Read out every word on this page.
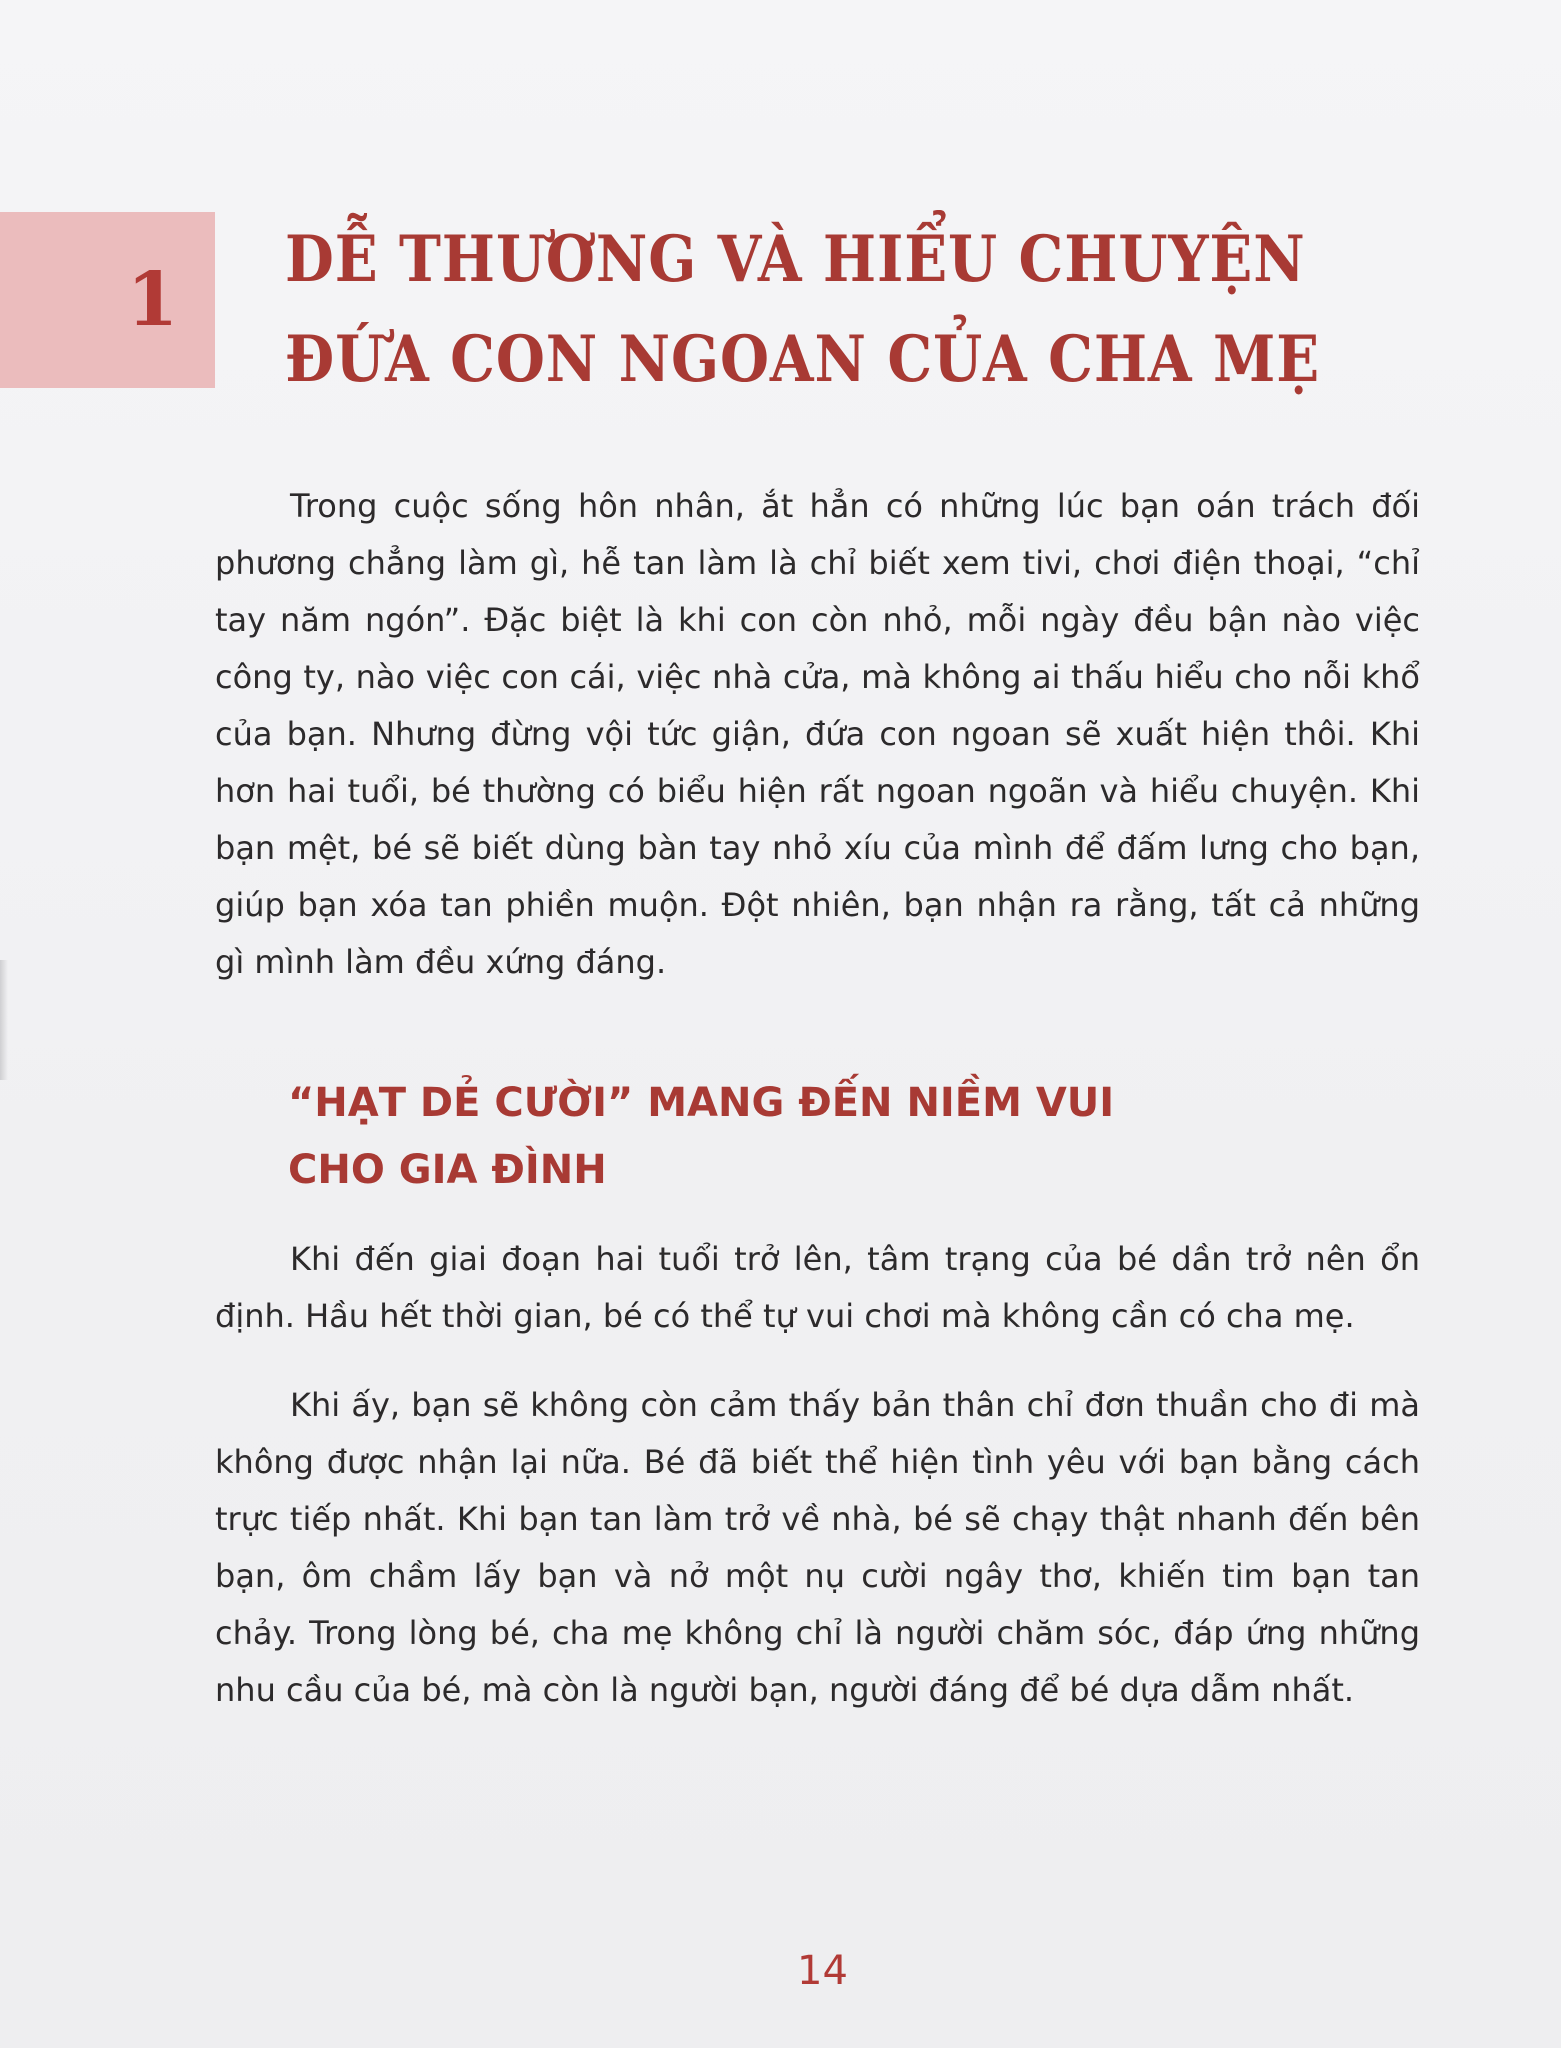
1	DỄ THƯƠNG VÀ HIỂU CHUYỆN
ĐỨA CON NGOAN CỦA CHA MẸ

Trong cuộc sống hôn nhân, ắt hẳn có những lúc bạn oán trách đối phương chẳng làm gì, hễ tan làm là chỉ biết xem tivi, chơi điện thoại, “chỉ tay năm ngón”. Đặc biệt là khi con còn nhỏ, mỗi ngày đều bận nào việc công ty, nào việc con cái, việc nhà cửa, mà không ai thấu hiểu cho nỗi khổ của bạn. Nhưng đừng vội tức giận, đứa con ngoan sẽ xuất hiện thôi. Khi hơn hai tuổi, bé thường có biểu hiện rất ngoan ngoãn và hiểu chuyện. Khi bạn mệt, bé sẽ biết dùng bàn tay nhỏ xíu của mình để đấm lưng cho bạn, giúp bạn xóa tan phiền muộn. Đột nhiên, bạn nhận ra rằng, tất cả những gì mình làm đều xứng đáng.

“HẠT DẺ CƯỜI” MANG ĐẾN NIỀM VUI
CHO GIA ĐÌNH

Khi đến giai đoạn hai tuổi trở lên, tâm trạng của bé dần trở nên ổn định. Hầu hết thời gian, bé có thể tự vui chơi mà không cần có cha mẹ.

Khi ấy, bạn sẽ không còn cảm thấy bản thân chỉ đơn thuần cho đi mà không được nhận lại nữa. Bé đã biết thể hiện tình yêu với bạn bằng cách trực tiếp nhất. Khi bạn tan làm trở về nhà, bé sẽ chạy thật nhanh đến bên bạn, ôm chầm lấy bạn và nở một nụ cười ngây thơ, khiến tim bạn tan chảy. Trong lòng bé, cha mẹ không chỉ là người chăm sóc, đáp ứng những nhu cầu của bé, mà còn là người bạn, người đáng để bé dựa dẫm nhất.

14
